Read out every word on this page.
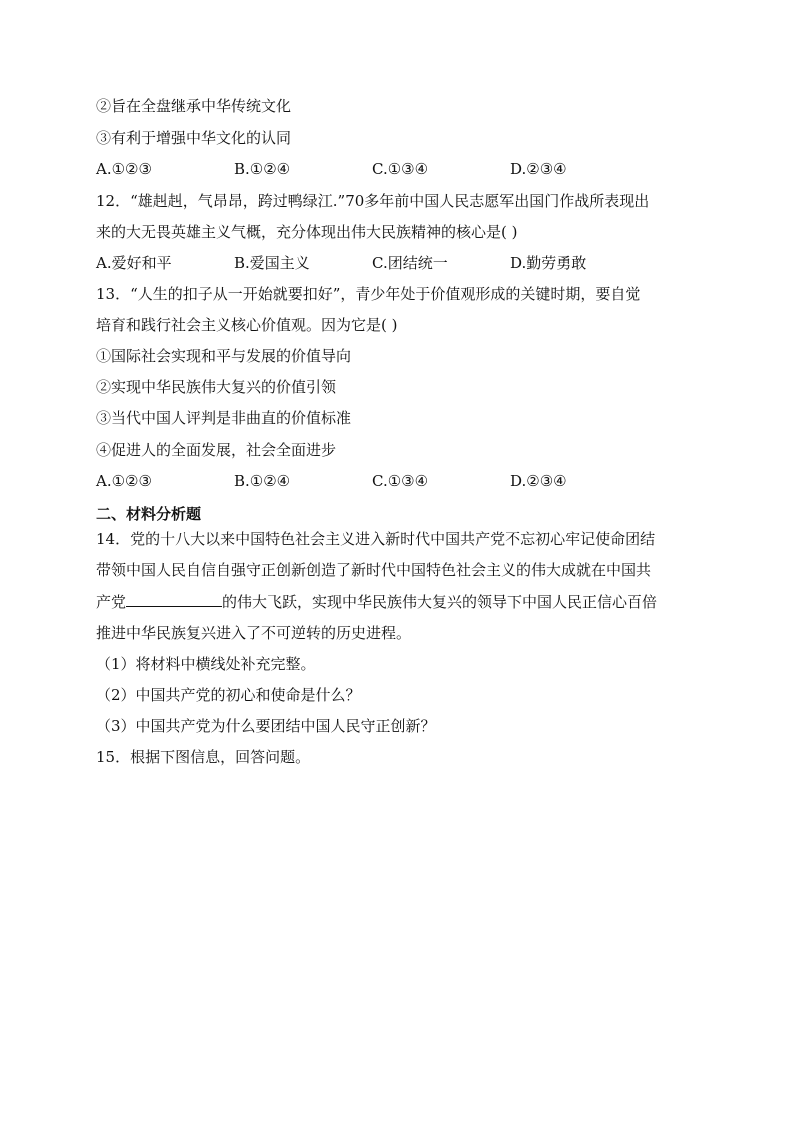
②旨在全盘继承中华传统文化
③有利于增强中华文化的认同
A.①②③	B.①②④	C.①③④	D.②③④
12．“雄赳赳，气昂昂，跨过鸭绿江.”70多年前中国人民志愿军出国门作战所表现出
来的大无畏英雄主义气概，充分体现出伟大民族精神的核心是( )
A.爱好和平	B.爱国主义	C.团结统一	D.勤劳勇敢
13．“人生的扣子从一开始就要扣好”，青少年处于价值观形成的关键时期，要自觉
培育和践行社会主义核心价值观。因为它是( )
①国际社会实现和平与发展的价值导向
②实现中华民族伟大复兴的价值引领
③当代中国人评判是非曲直的价值标准
④促进人的全面发展，社会全面进步
A.①②③	B.①②④	C.①③④	D.②③④
二、材料分析题
14．党的十八大以来中国特色社会主义进入新时代中国共产党不忘初心牢记使命团结
带领中国人民自信自强守正创新创造了新时代中国特色社会主义的伟大成就在中国共
产党	的伟大飞跃，实现中华民族伟大复兴的领导下中国人民正信心百倍
推进中华民族复兴进入了不可逆转的历史进程。
（1）将材料中横线处补充完整。
（2）中国共产党的初心和使命是什么？
（3）中国共产党为什么要团结中国人民守正创新？
15．根据下图信息，回答问题。
